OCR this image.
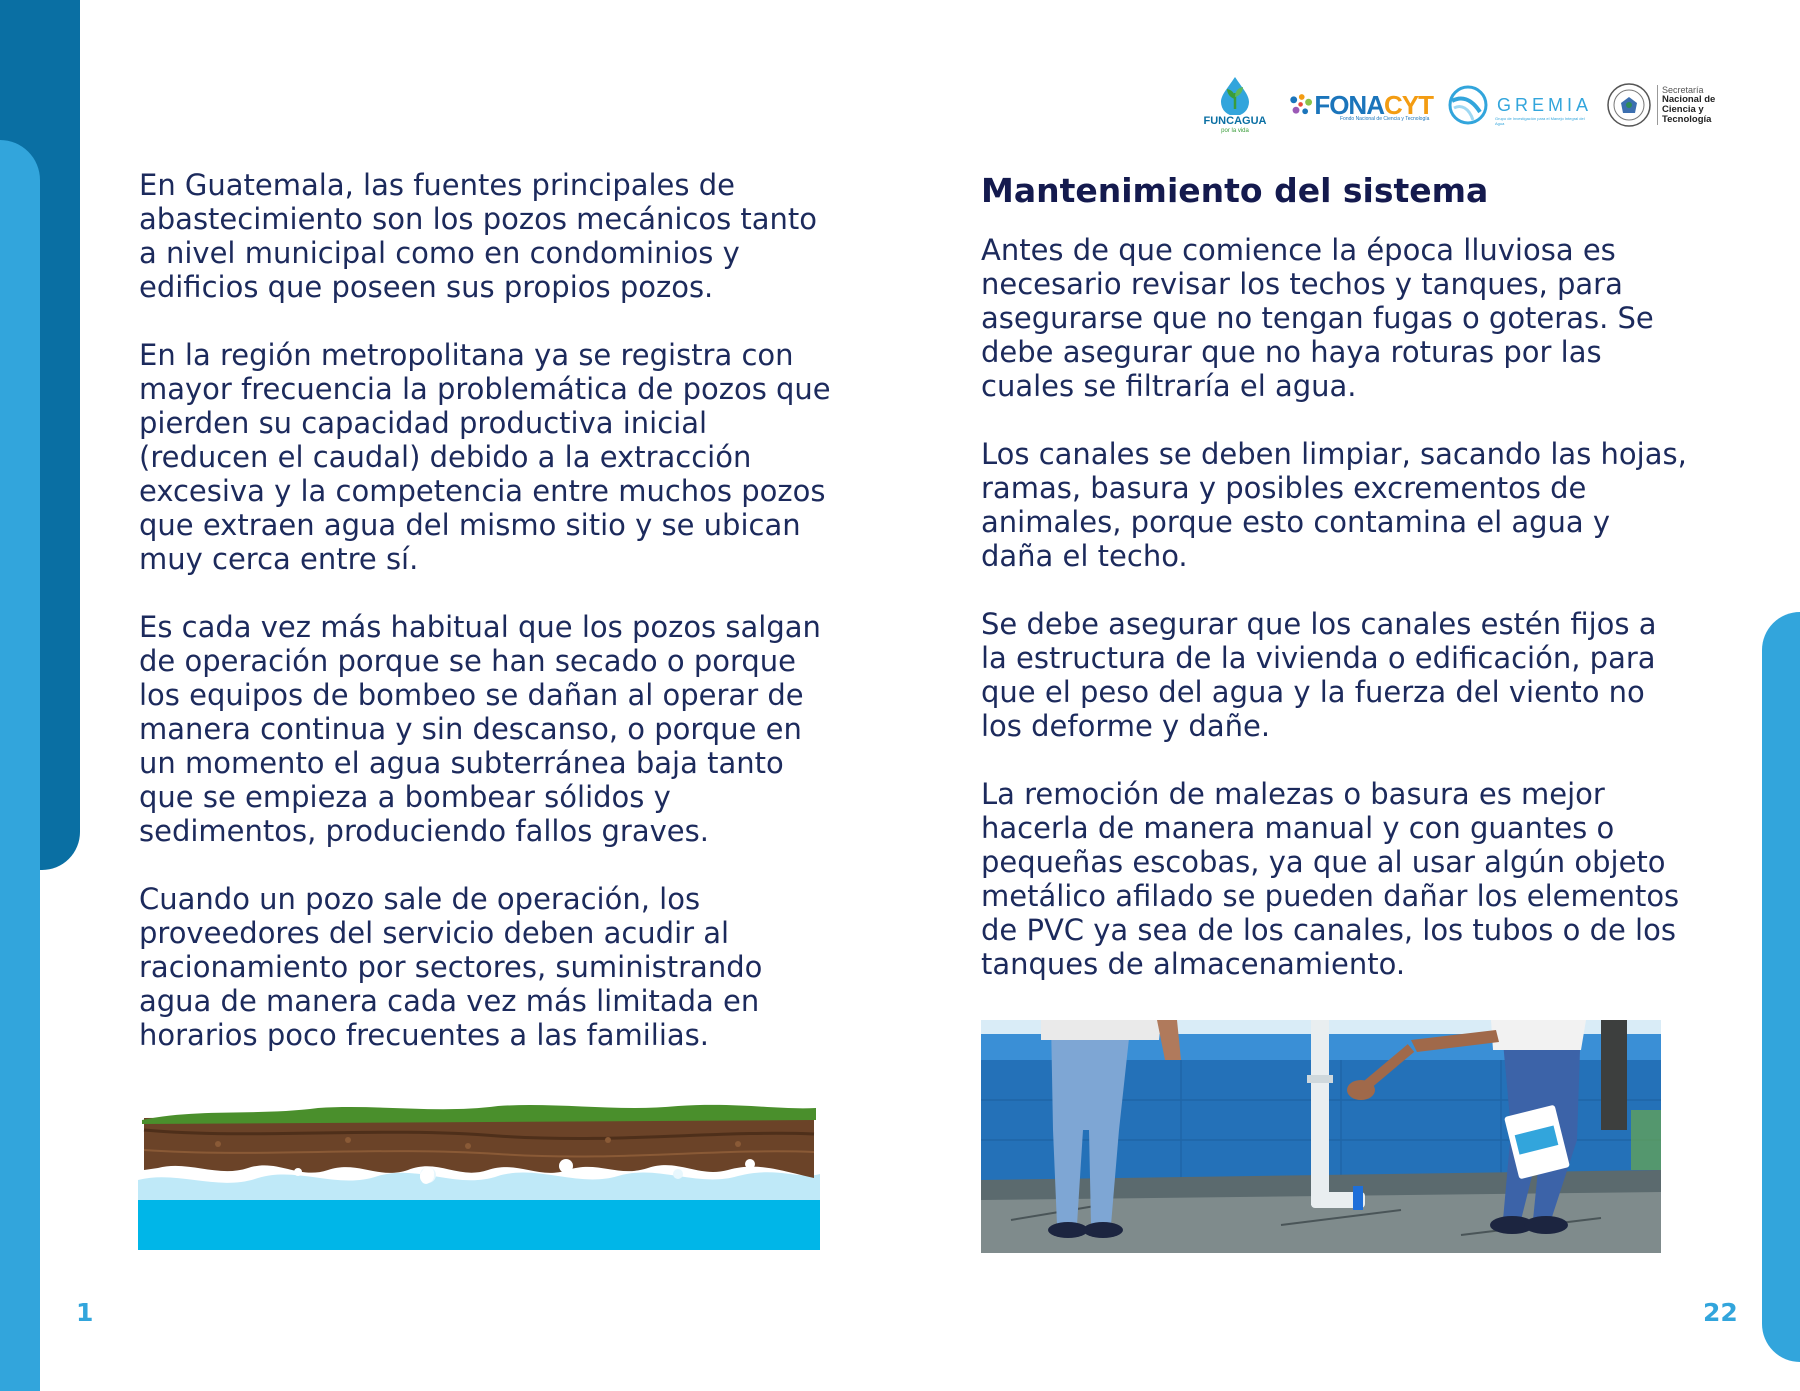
FUNCAGUA
por la vida
FONACYT
Fondo Nacional de Ciencia y Tecnología
GREMIA
Grupo de Investigación para el Manejo Integral del Agua
Secretaría
Nacional de
Ciencia y
Tecnología

En Guatemala, las fuentes principales de
abastecimiento son los pozos mecánicos tanto
a nivel municipal como en condominios y
edificios que poseen sus propios pozos.

En la región metropolitana ya se registra con
mayor frecuencia la problemática de pozos que
pierden su capacidad productiva inicial
(reducen el caudal) debido a la extracción
excesiva y la competencia entre muchos pozos
que extraen agua del mismo sitio y se ubican
muy cerca entre sí.

Es cada vez más habitual que los pozos salgan
de operación porque se han secado o porque
los equipos de bombeo se dañan al operar de
manera continua y sin descanso, o porque en
un momento el agua subterránea baja tanto
que se empieza a bombear sólidos y
sedimentos, produciendo fallos graves.

Cuando un pozo sale de operación, los
proveedores del servicio deben acudir al
racionamiento por sectores, suministrando
agua de manera cada vez más limitada en
horarios poco frecuentes a las familias.

Mantenimiento del sistema

Antes de que comience la época lluviosa es
necesario revisar los techos y tanques, para
asegurarse que no tengan fugas o goteras. Se
debe asegurar que no haya roturas por las
cuales se filtraría el agua.

Los canales se deben limpiar, sacando las hojas,
ramas, basura y posibles excrementos de
animales, porque esto contamina el agua y
daña el techo.

Se debe asegurar que los canales estén fijos a
la estructura de la vivienda o edificación, para
que el peso del agua y la fuerza del viento no
los deforme y dañe.

La remoción de malezas o basura es mejor
hacerla de manera manual y con guantes o
pequeñas escobas, ya que al usar algún objeto
metálico afilado se pueden dañar los elementos
de PVC ya sea de los canales, los tubos o de los
tanques de almacenamiento.

1	22
